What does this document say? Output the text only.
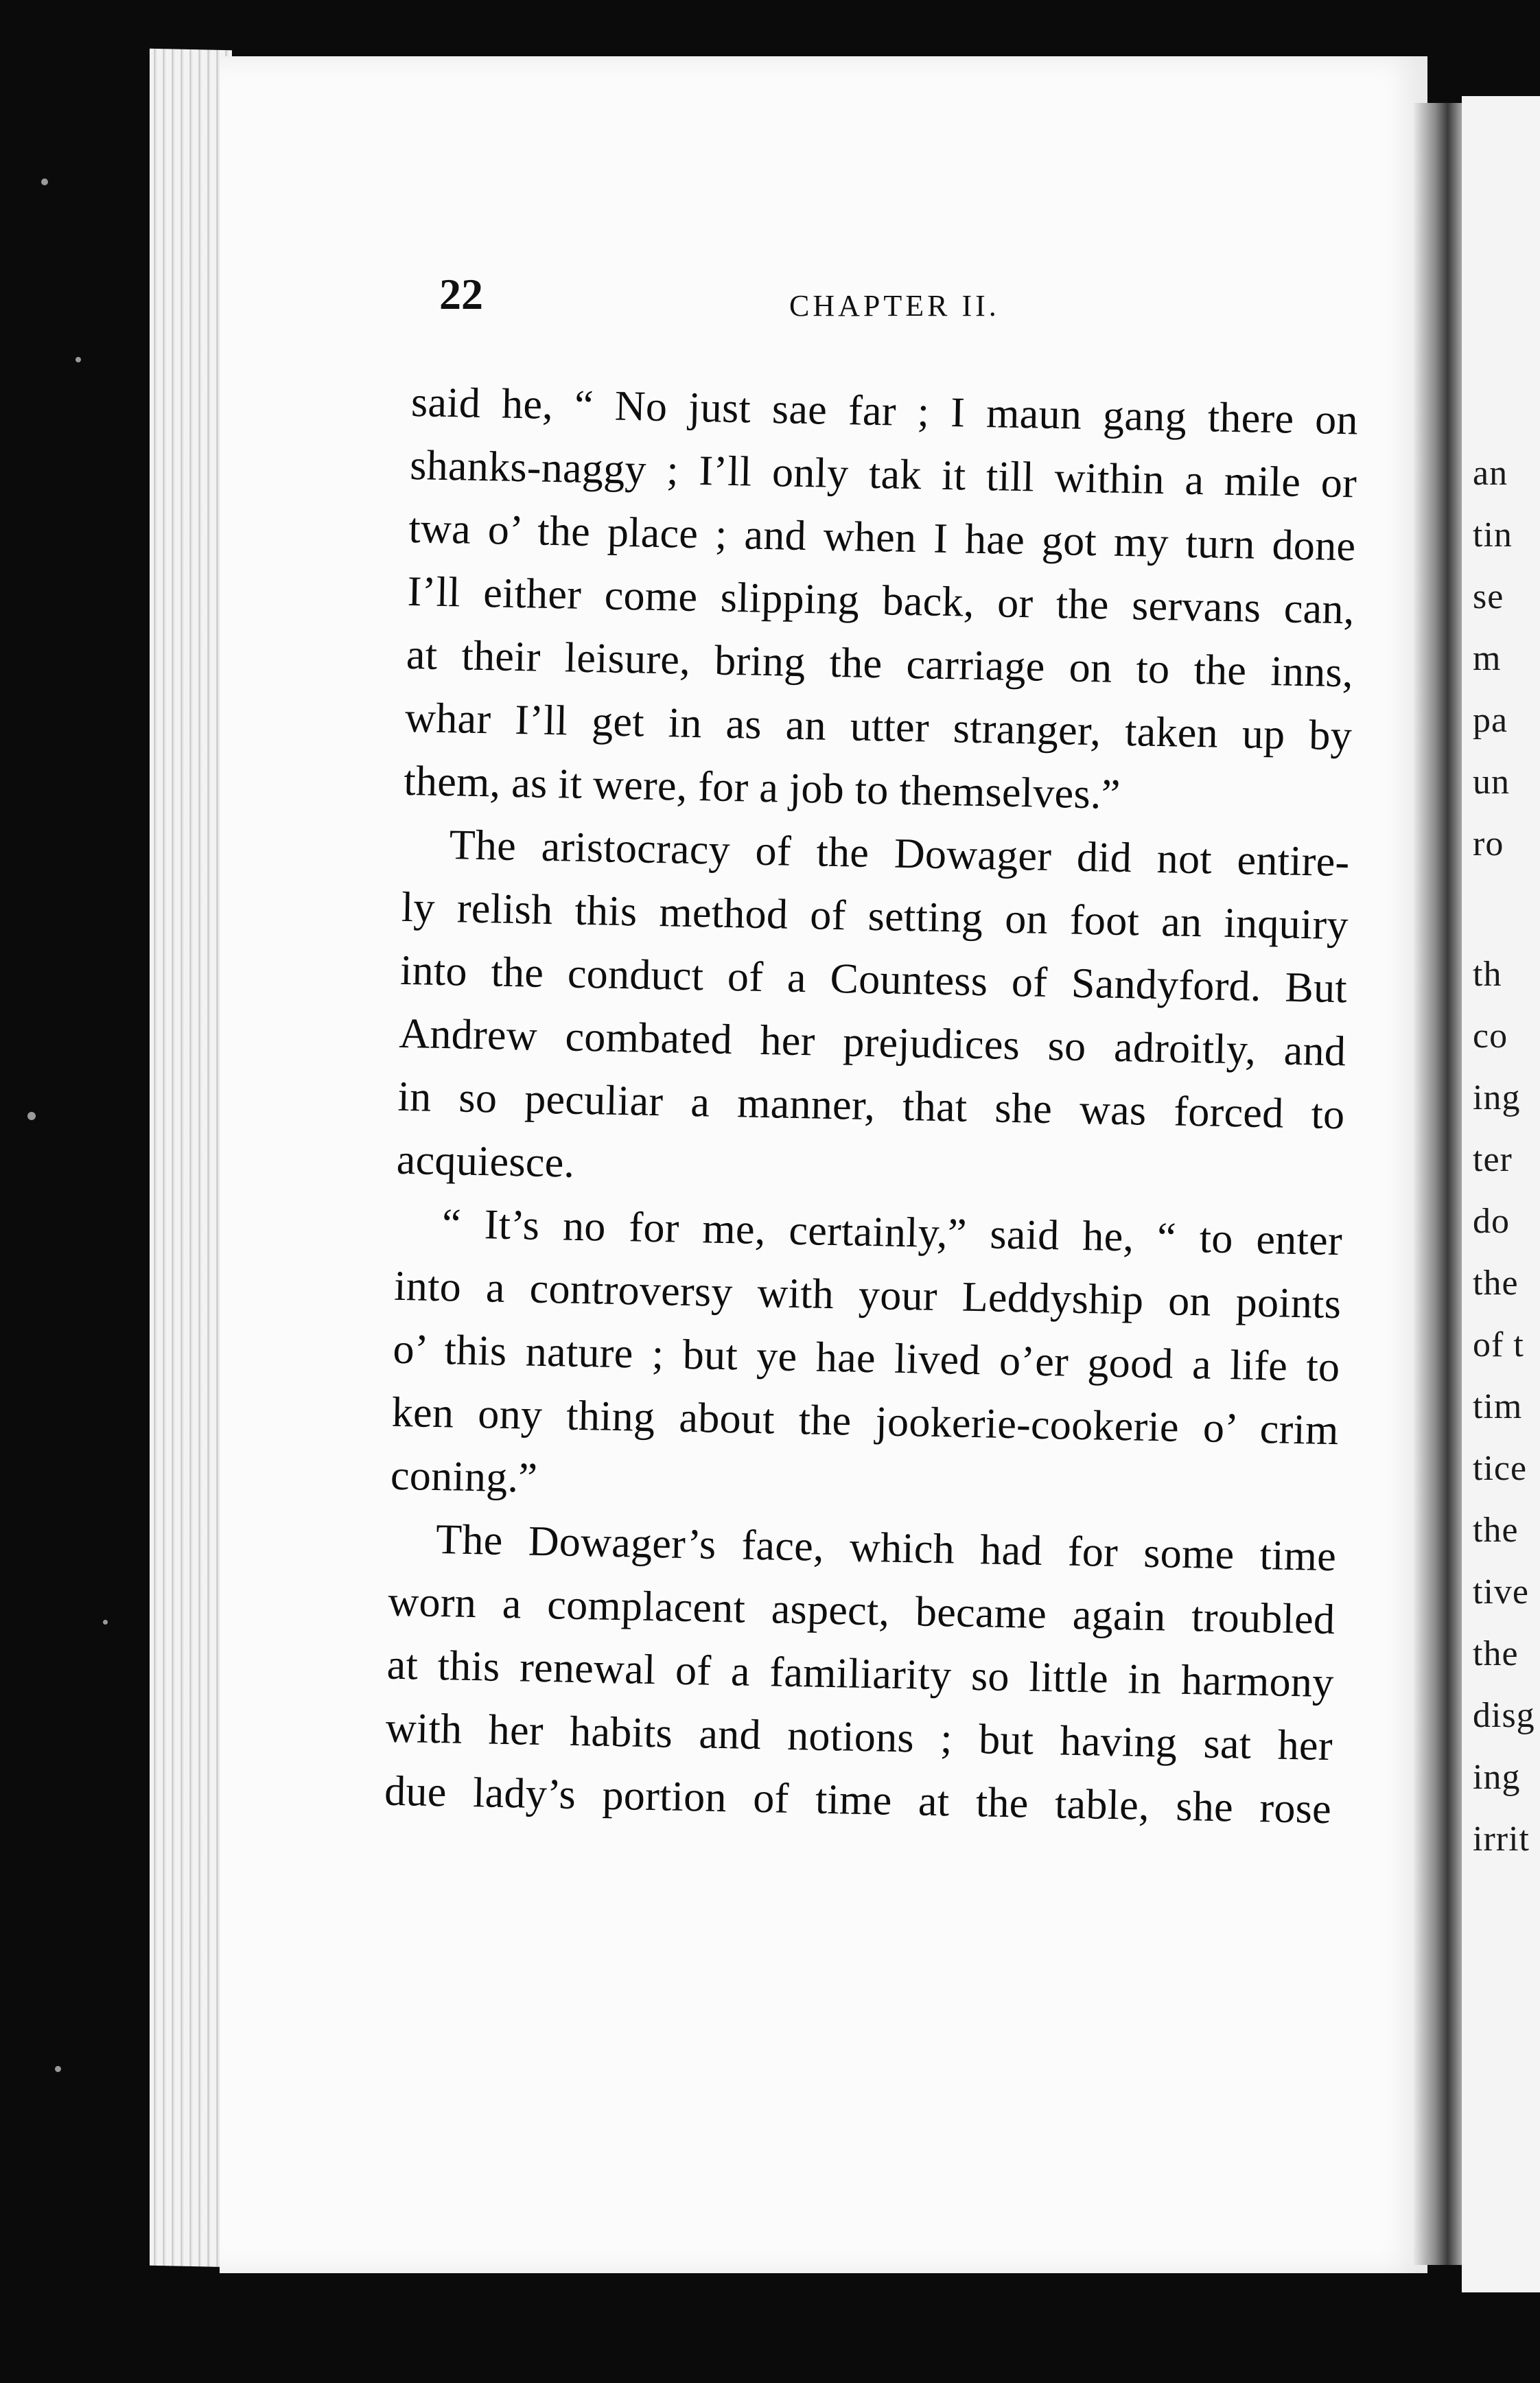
22	CHAPTER II.
said he, “ No just sae far ; I maun gang there on
shanks-naggy ; I’ll only tak it till within a mile or
twa o’ the place ; and when I hae got my turn done
I’ll either come slipping back, or the servans can,
at their leisure, bring the carriage on to the inns,
whar I’ll get in as an utter stranger, taken up by
them, as it were, for a job to themselves.”
The aristocracy of the Dowager did not entire-
ly relish this method of setting on foot an inquiry
into the conduct of a Countess of Sandyford. But
Andrew combated her prejudices so adroitly, and
in so peculiar a manner, that she was forced to
acquiesce.
“ It’s no for me, certainly,” said he, “ to enter
into a controversy with your Leddyship on points
o’ this nature ; but ye hae lived o’er good a life to
ken ony thing about the jookerie-cookerie o’ crim
coning.”
The Dowager’s face, which had for some time
worn a complacent aspect, became again troubled
at this renewal of a familiarity so little in harmony
with her habits and notions ; but having sat her
due lady’s portion of time at the table, she rose
an
tin
se
m
pa
un
ro
th
co
ing
ter
do
the
of t
tim
tice
the
tive
the
disg
ing
irrit
